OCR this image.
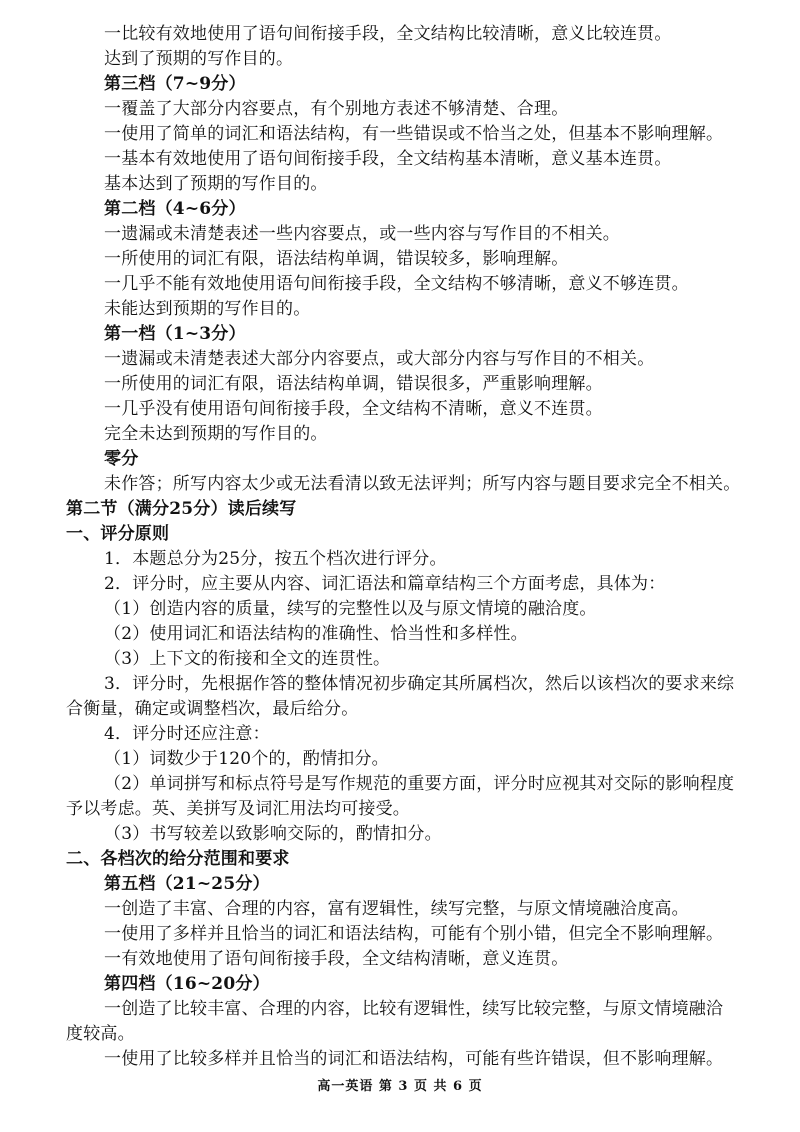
一比较有效地使用了语句间衔接手段，全文结构比较清晰，意义比较连贯。
达到了预期的写作目的。
第三档（7~9分）
一覆盖了大部分内容要点，有个别地方表述不够清楚、合理。
一使用了简单的词汇和语法结构，有一些错误或不恰当之处，但基本不影响理解。
一基本有效地使用了语句间衔接手段，全文结构基本清晰，意义基本连贯。
基本达到了预期的写作目的。
第二档（4~6分）
一遗漏或未清楚表述一些内容要点，或一些内容与写作目的不相关。
一所使用的词汇有限，语法结构单调，错误较多，影响理解。
一几乎不能有效地使用语句间衔接手段，全文结构不够清晰，意义不够连贯。
未能达到预期的写作目的。
第一档（1~3分）
一遗漏或未清楚表述大部分内容要点，或大部分内容与写作目的不相关。
一所使用的词汇有限，语法结构单调，错误很多，严重影响理解。
一几乎没有使用语句间衔接手段，全文结构不清晰，意义不连贯。
完全未达到预期的写作目的。
零分
未作答；所写内容太少或无法看清以致无法评判；所写内容与题目要求完全不相关。
第二节（满分25分）读后续写
一、评分原则
1．本题总分为25分，按五个档次进行评分。
2．评分时，应主要从内容、词汇语法和篇章结构三个方面考虑，具体为：
（1）创造内容的质量，续写的完整性以及与原文情境的融洽度。
（2）使用词汇和语法结构的准确性、恰当性和多样性。
（3）上下文的衔接和全文的连贯性。
3．评分时，先根据作答的整体情况初步确定其所属档次，然后以该档次的要求来综
合衡量，确定或调整档次，最后给分。
4．评分时还应注意：
（1）词数少于120个的，酌情扣分。
（2）单词拼写和标点符号是写作规范的重要方面，评分时应视其对交际的影响程度
予以考虑。英、美拼写及词汇用法均可接受。
（3）书写较差以致影响交际的，酌情扣分。
二、各档次的给分范围和要求
第五档（21~25分）
一创造了丰富、合理的内容，富有逻辑性，续写完整，与原文情境融洽度高。
一使用了多样并且恰当的词汇和语法结构，可能有个别小错，但完全不影响理解。
一有效地使用了语句间衔接手段，全文结构清晰，意义连贯。
第四档（16~20分）
一创造了比较丰富、合理的内容，比较有逻辑性，续写比较完整，与原文情境融洽
度较高。
一使用了比较多样并且恰当的词汇和语法结构，可能有些许错误，但不影响理解。
高一英语 第 3 页 共 6 页
